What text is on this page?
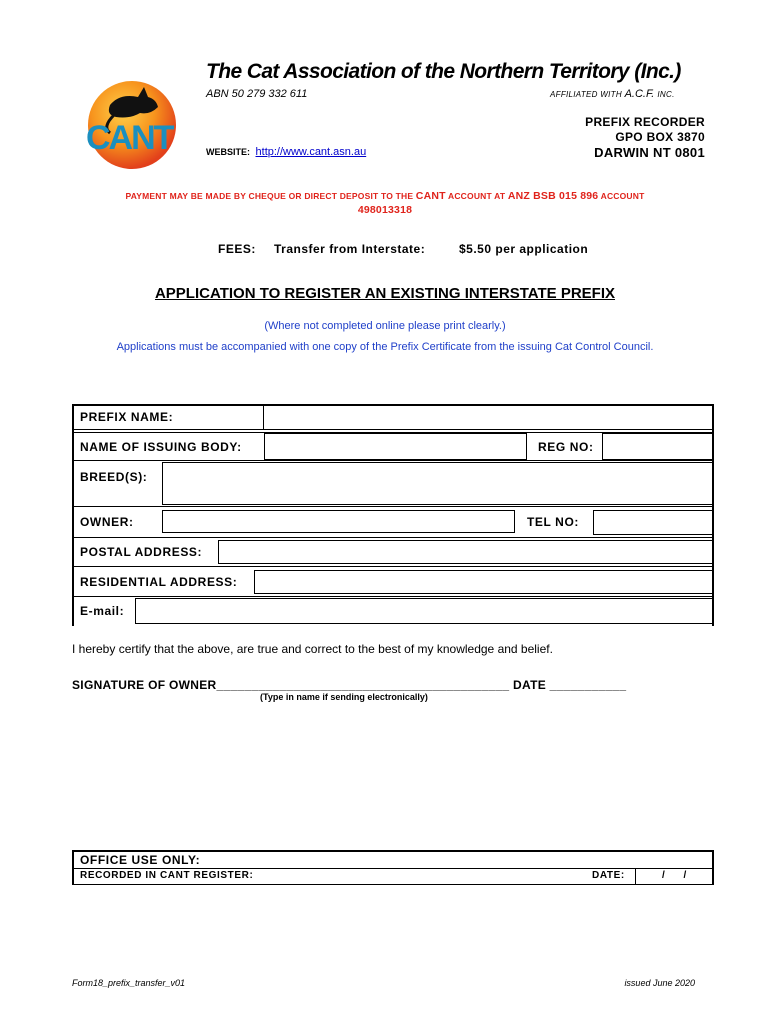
CANT
The Cat Association of the Northern Territory (Inc.)
ABN 50 279 332 611	AFFILIATED WITH A.C.F. INC.
PREFIX RECORDER
GPO BOX 3870
DARWIN NT 0801
WEBSITE: http://www.cant.asn.au
PAYMENT MAY BE MADE BY CHEQUE OR DIRECT DEPOSIT TO THE CANT ACCOUNT AT ANZ BSB 015 896 ACCOUNT
498013318
FEES: Transfer from Interstate:	$5.50 per application
APPLICATION TO REGISTER AN EXISTING INTERSTATE PREFIX
(Where not completed online please print clearly.)
Applications must be accompanied with one copy of the Prefix Certificate from the issuing Cat Control Council.
PREFIX NAME:
NAME OF ISSUING BODY:	REG NO:
BREED(S):
OWNER:	TEL NO:
POSTAL ADDRESS:
RESIDENTIAL ADDRESS:
E-mail:
I hereby certify that the above, are true and correct to the best of my knowledge and belief.
SIGNATURE OF OWNER__________________________________________ DATE ___________
(Type in name if sending electronically)
OFFICE USE ONLY:
RECORDED IN CANT REGISTER:	DATE:	/ /
Form18_prefix_transfer_v01	issued June 2020
